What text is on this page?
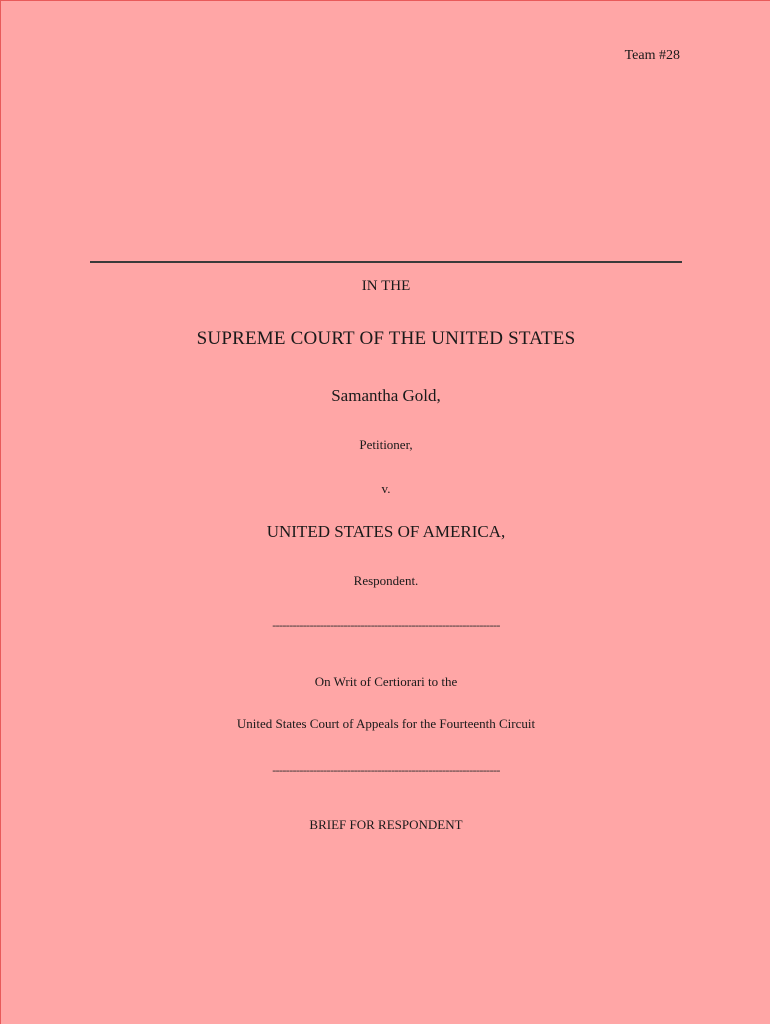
Team #28
IN THE
SUPREME COURT OF THE UNITED STATES
Samantha Gold,
Petitioner,
v.
UNITED STATES OF AMERICA,
Respondent.
-------------------------------------------------------------------
On Writ of Certiorari to the
United States Court of Appeals for the Fourteenth Circuit
-------------------------------------------------------------------
BRIEF FOR RESPONDENT
